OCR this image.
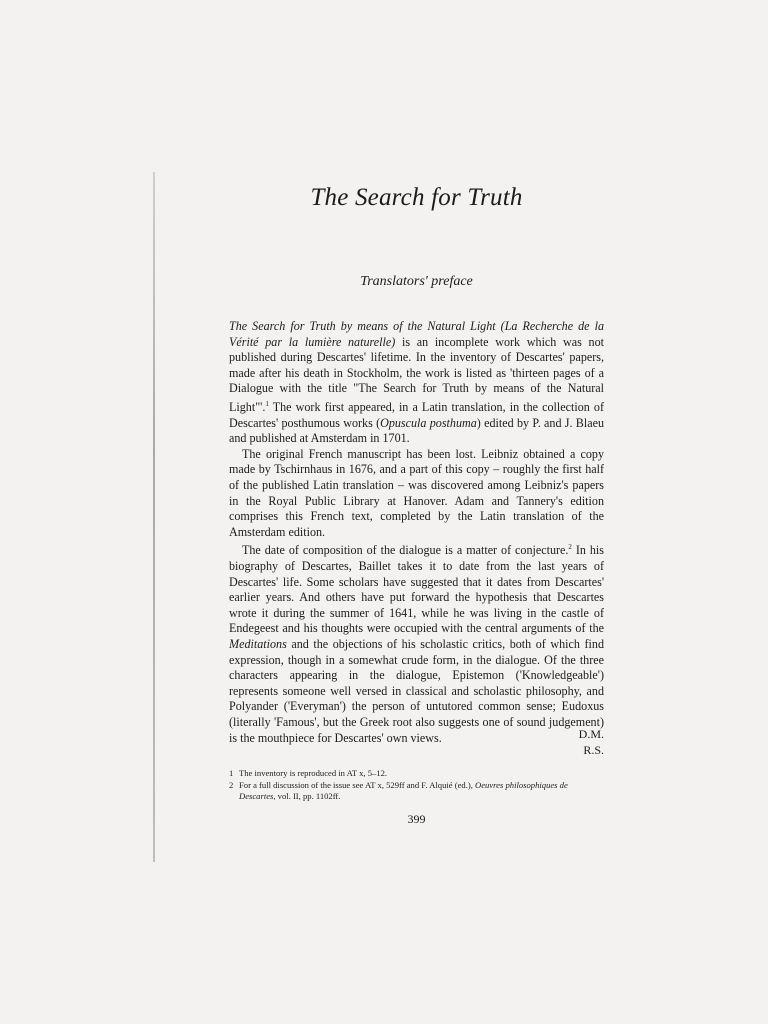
The Search for Truth
Translators' preface

The Search for Truth by means of the Natural Light (La Recherche de la Vérité par la lumière naturelle) is an incomplete work which was not published during Descartes' lifetime. In the inventory of Descartes' papers, made after his death in Stockholm, the work is listed as 'thirteen pages of a Dialogue with the title "The Search for Truth by means of the Natural Light"'.$^1$ The work first appeared, in a Latin translation, in the collection of Descartes' posthumous works (Opuscula posthuma) edited by P. and J. Blaeu and published at Amsterdam in 1701.

The original French manuscript has been lost. Leibniz obtained a copy made by Tschirnhaus in 1676, and a part of this copy – roughly the first half of the published Latin translation – was discovered among Leibniz's papers in the Royal Public Library at Hanover. Adam and Tannery's edition comprises this French text, completed by the Latin translation of the Amsterdam edition.

The date of composition of the dialogue is a matter of conjecture.$^2$ In his biography of Descartes, Baillet takes it to date from the last years of Descartes' life. Some scholars have suggested that it dates from Descartes' earlier years. And others have put forward the hypothesis that Descartes wrote it during the summer of 1641, while he was living in the castle of Endegeest and his thoughts were occupied with the central arguments of the Meditations and the objections of his scholastic critics, both of which find expression, though in a somewhat crude form, in the dialogue. Of the three characters appearing in the dialogue, Epistemon ('Knowledgeable') represents someone well versed in classical and scholastic philosophy, and Polyander ('Everyman') the person of untutored common sense; Eudoxus (literally 'Famous', but the Greek root also suggests one of sound judgement) is the mouthpiece for Descartes' own views.	D.M.
R.S.
1 The inventory is reproduced in AT x, 5–12.
2 For a full discussion of the issue see AT x, 529ff and F. Alquié (ed.), Oeuvres philosophiques de Descartes, vol. II, pp. 1102ff.
399
